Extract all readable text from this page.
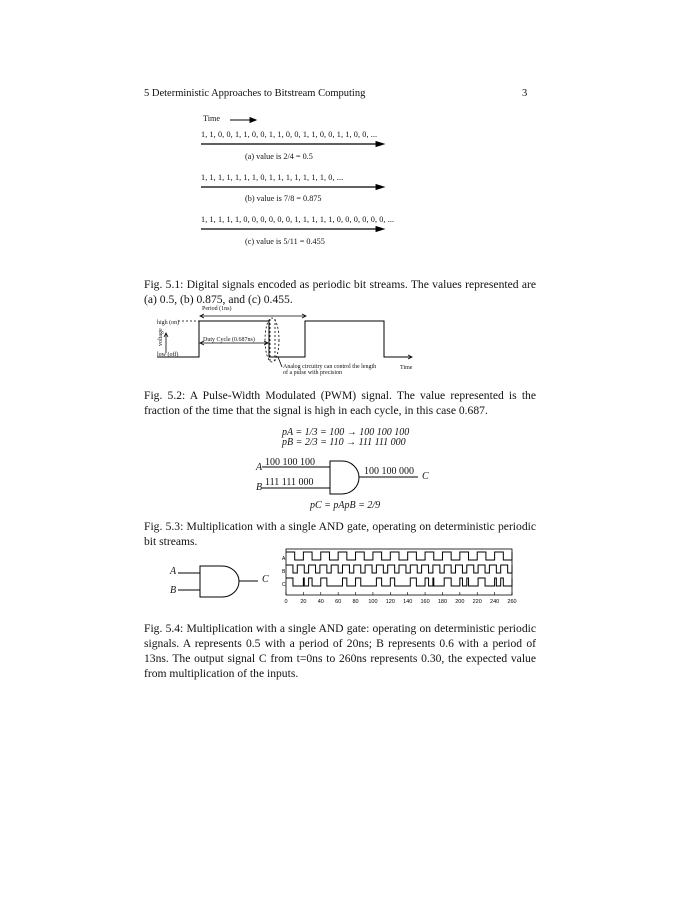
5 Deterministic Approaches to Bitstream Computing	3
Time
1, 1, 0, 0, 1, 1, 0, 0, 1, 1, 0, 0, 1, 1, 0, 0, 1, 1, 0, 0, ...
(a) value is 2/4 = 0.5
1, 1, 1, 1, 1, 1, 1, 0, 1, 1, 1, 1, 1, 1, 1, 0, ...
(b) value is 7/8 = 0.875
1, 1, 1, 1, 1, 0, 0, 0, 0, 0, 0, 1, 1, 1, 1, 1, 0, 0, 0, 0, 0, 0, ...
(c) value is 5/11 = 0.455
Fig. 5.1: Digital signals encoded as periodic bit streams. The values represented are (a) 0.5, (b) 0.875, and (c) 0.455.
Period (1ns)
high (on)
low (off)
voltage	Duty Cycle (0.687ns)
Analog circuitry can control the length
of a pulse with precision
Time
Fig. 5.2: A Pulse-Width Modulated (PWM) signal. The value represented is the fraction of the time that the signal is high in each cycle, in this case 0.687.
pA = 1/3 = 100 → 100 100 100
pB = 2/3 = 110 → 111 111 000
A
B
C
100 100 100
111 111 000
100 100 000
pC = pApB = 2/9
Fig. 5.3: Multiplication with a single AND gate, operating on deterministic periodic bit streams.
A
B
C
A
B
C
0 20 40 60 80 100 120 140 160 180 200 220 240 260
Fig. 5.4: Multiplication with a single AND gate: operating on deterministic periodic signals. A represents 0.5 with a period of 20ns; B represents 0.6 with a period of 13ns. The output signal C from t=0ns to 260ns represents 0.30, the expected value from multiplication of the inputs.
